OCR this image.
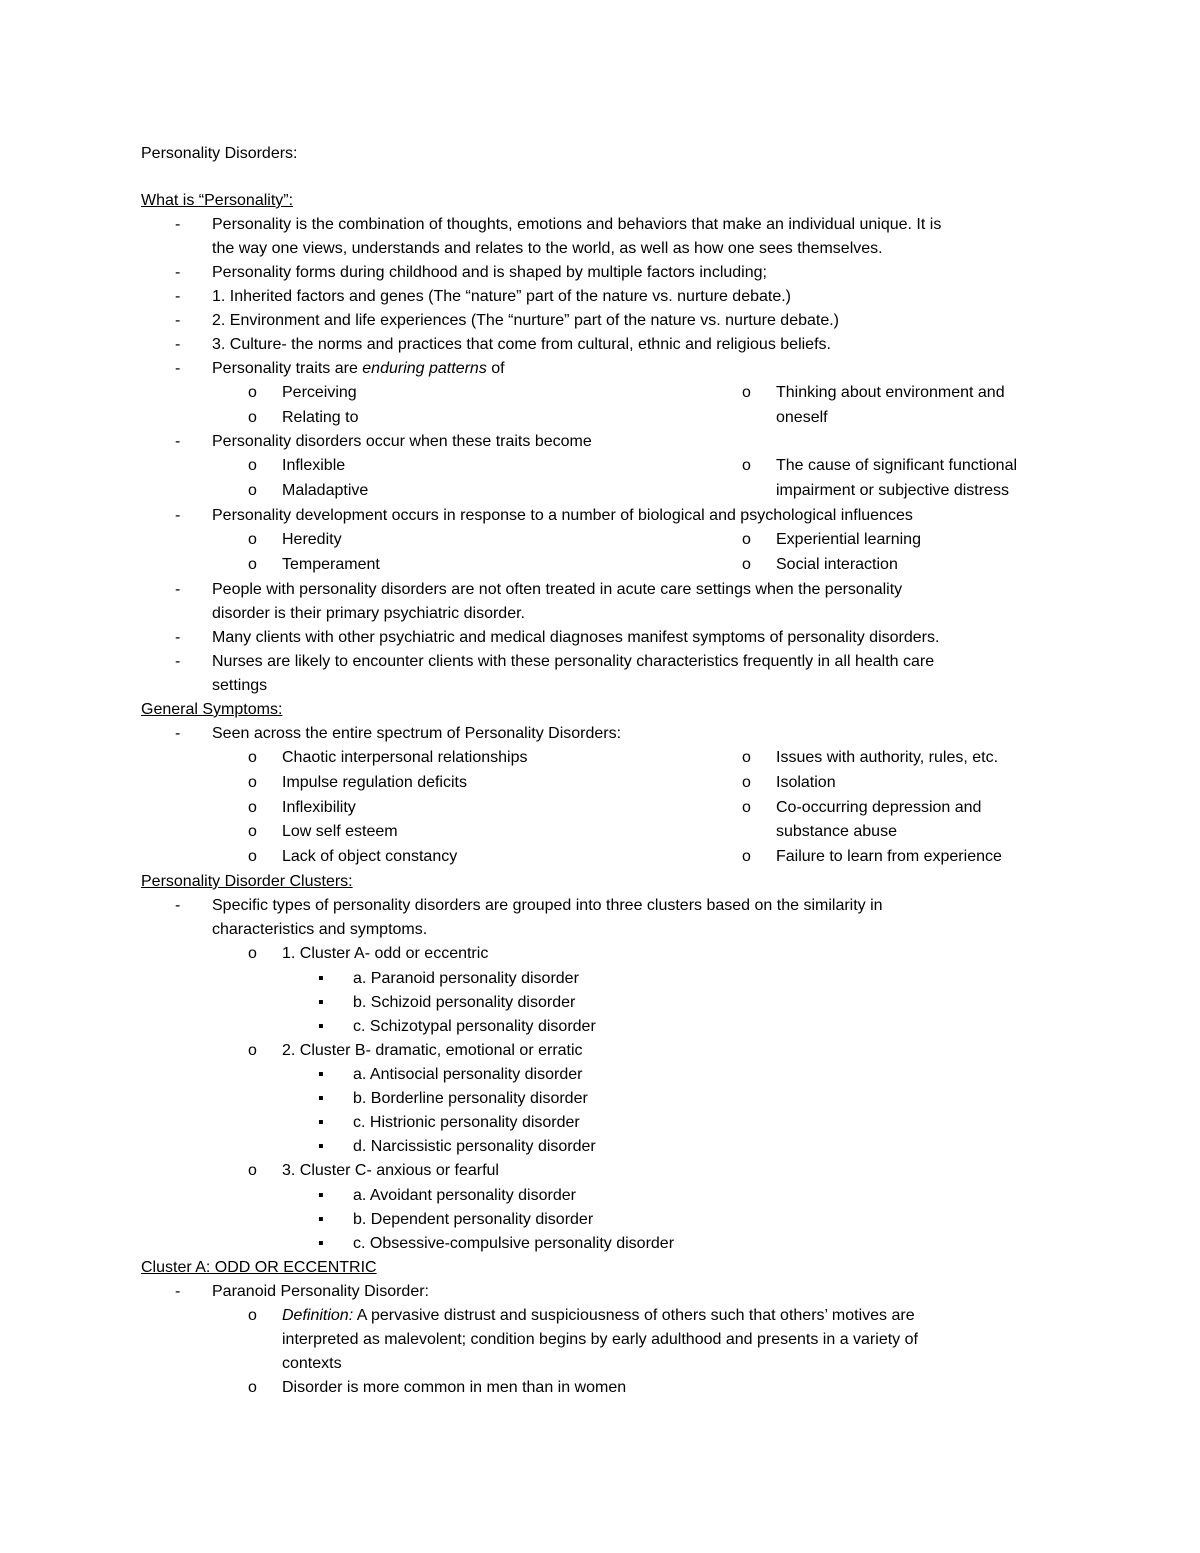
Personality Disorders:
What is “Personality”:
- Personality is the combination of thoughts, emotions and behaviors that make an individual unique. It is
the way one views, understands and relates to the world, as well as how one sees themselves.
- Personality forms during childhood and is shaped by multiple factors including;
- 1. Inherited factors and genes (The “nature” part of the nature vs. nurture debate.)
- 2. Environment and life experiences (The “nurture” part of the nature vs. nurture debate.)
- 3. Culture- the norms and practices that come from cultural, ethnic and religious beliefs.
- Personality traits are enduring patterns of
o Perceiving	o Thinking about environment and
o Relating to	oneself
- Personality disorders occur when these traits become
o Inflexible	o The cause of significant functional
o Maladaptive	impairment or subjective distress
- Personality development occurs in response to a number of biological and psychological influences
o Heredity	o Experiential learning
o Temperament	o Social interaction
- People with personality disorders are not often treated in acute care settings when the personality
disorder is their primary psychiatric disorder.
- Many clients with other psychiatric and medical diagnoses manifest symptoms of personality disorders.
- Nurses are likely to encounter clients with these personality characteristics frequently in all health care
settings
General Symptoms:
- Seen across the entire spectrum of Personality Disorders:
o Chaotic interpersonal relationships	o Issues with authority, rules, etc.
o Impulse regulation deficits	o Isolation
o Inflexibility	o Co-occurring depression and
o Low self esteem	substance abuse
o Lack of object constancy	o Failure to learn from experience
Personality Disorder Clusters:
- Specific types of personality disorders are grouped into three clusters based on the similarity in
characteristics and symptoms.
o 1. Cluster A- odd or eccentric
▪ a. Paranoid personality disorder
▪ b. Schizoid personality disorder
▪ c. Schizotypal personality disorder
o 2. Cluster B- dramatic, emotional or erratic
▪ a. Antisocial personality disorder
▪ b. Borderline personality disorder
▪ c. Histrionic personality disorder
▪ d. Narcissistic personality disorder
o 3. Cluster C- anxious or fearful
▪ a. Avoidant personality disorder
▪ b. Dependent personality disorder
▪ c. Obsessive-compulsive personality disorder
Cluster A: ODD OR ECCENTRIC
- Paranoid Personality Disorder:
o Definition: A pervasive distrust and suspiciousness of others such that others’ motives are
interpreted as malevolent; condition begins by early adulthood and presents in a variety of
contexts
o Disorder is more common in men than in women
